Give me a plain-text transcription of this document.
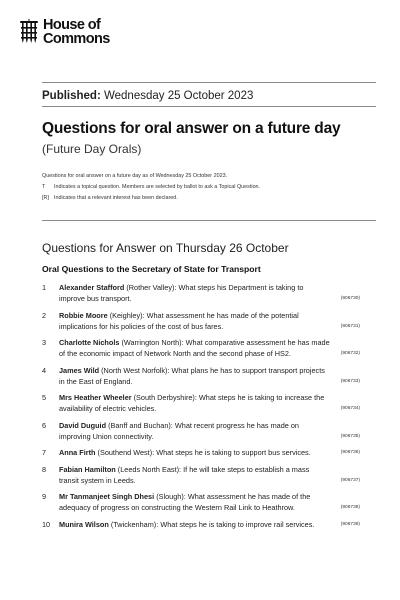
House of
Commons
Published: Wednesday 25 October 2023
Questions for oral answer on a future day
(Future Day Orals)
Questions for oral answer on a future day as of Wednesday 25 October 2023.
T	Indicates a topical question. Members are selected by ballot to ask a Topical Question.
[R] Indicates that a relevant interest has been declared.
Questions for Answer on Thursday 26 October
Oral Questions to the Secretary of State for Transport
1	Alexander Stafford (Rother Valley): What steps his Department is taking to improve bus transport.	(906730)
2	Robbie Moore (Keighley): What assessment he has made of the potential implications for his policies of the cost of bus fares.	(906731)
3	Charlotte Nichols (Warrington North): What comparative assessment he has made of the economic impact of Network North and the second phase of HS2.	(906732)
4	James Wild (North West Norfolk): What plans he has to support transport projects in the East of England.	(906733)
5	Mrs Heather Wheeler (South Derbyshire): What steps he is taking to increase the availability of electric vehicles.	(906734)
6	David Duguid (Banff and Buchan): What recent progress he has made on improving Union connectivity.	(906735)
7	Anna Firth (Southend West): What steps he is taking to support bus services.	(906736)
8	Fabian Hamilton (Leeds North East): If he will take steps to establish a mass transit system in Leeds.	(906737)
9	Mr Tanmanjeet Singh Dhesi (Slough): What assessment he has made of the adequacy of progress on constructing the Western Rail Link to Heathrow.	(906738)
10	Munira Wilson (Twickenham): What steps he is taking to improve rail services.	(906739)
